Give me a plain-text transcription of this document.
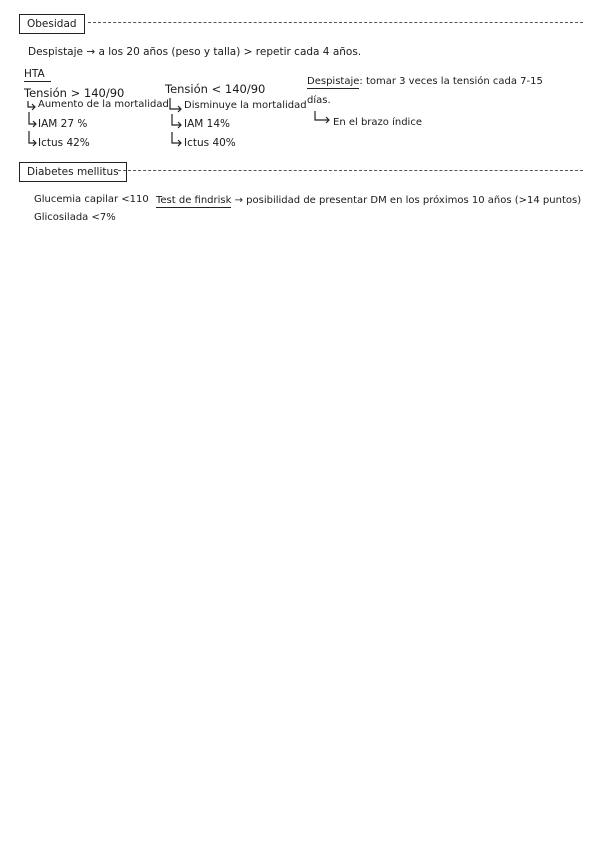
Obesidad
Despistaje → a los 20 años (peso y talla) > repetir cada 4 años.
HTA
Tensión > 140/90
Aumento de la mortalidad
IAM 27 %
Ictus 42%
Tensión < 140/90
Disminuye la mortalidad
IAM 14%
Ictus 40%
Despistaje: tomar 3 veces la tensión cada 7-15
días.
En el brazo índice
Diabetes mellitus
Glucemia capilar <110
Glicosilada <7%
Test de findrisk → posibilidad de presentar DM en los próximos 10 años (>14 puntos)
